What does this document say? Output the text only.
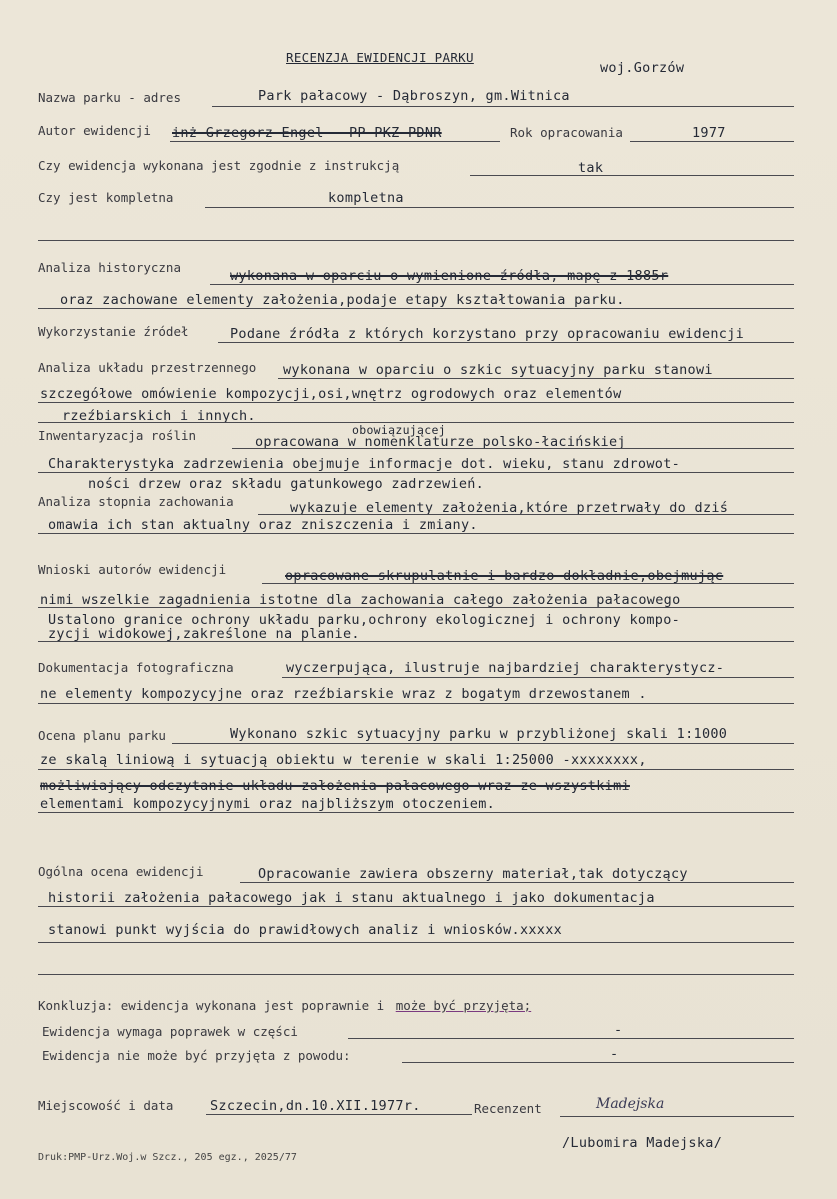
RECENZJA EWIDENCJI PARKU
woj.Gorzów
Nazwa parku - adres	Park pałacowy - Dąbroszyn, gm.Witnica
Autor ewidencji inż Grzegorz Engel - PP PKZ PDNR	Rok opracowania	1977
Czy ewidencja wykonana jest zgodnie z instrukcją	tak
Czy jest kompletna	kompletna
Analiza historyczna
wykonana w oparciu o wymienione źródła, mapę z 1885r
oraz zachowane elementy założenia,podaje etapy kształtowania parku.
Wykorzystanie źródeł	Podane źródła z których korzystano przy opracowaniu ewidencji
Analiza układu przestrzennego wykonana w oparciu o szkic sytuacyjny parku stanowi
szczegółowe omówienie kompozycji,osi,wnętrz ogrodowych oraz elementów
rzeźbiarskich i innych.
Inwentaryzacja roślin	obowiązującej
opracowana w nomenklaturze polsko-łacińskiej
Charakterystyka zadrzewienia obejmuje informacje dot. wieku, stanu zdrowot-
ności drzew oraz składu gatunkowego zadrzewień.
Analiza stopnia zachowania	wykazuje elementy założenia,które przetrwały do dziś
omawia ich stan aktualny oraz zniszczenia i zmiany.
Wnioski autorów ewidencji	opracowane skrupulatnie i bardzo dokładnie,obejmując
nimi wszelkie zagadnienia istotne dla zachowania całego założenia pałacowego
Ustalono granice ochrony układu parku,ochrony ekologicznej i ochrony kompo-
zycji widokowej,zakreślone na planie.
Dokumentacja fotograficzna	wyczerpująca, ilustruje najbardziej charakterystycz-
ne elementy kompozycyjne oraz rzeźbiarskie wraz z bogatym drzewostanem .
Ocena planu parku	Wykonano szkic sytuacyjny parku w przybliżonej skali 1:1000
ze skalą liniową i sytuacją obiektu w terenie w skali 1:25000 -xxxxxxxx,
możliwiający odczytanie układu założenia pałacowego wraz ze wszystkimi
elementami kompozycyjnymi oraz najbliższym otoczeniem.
Ogólna ocena ewidencji	Opracowanie zawiera obszerny materiał,tak dotyczący
historii założenia pałacowego jak i stanu aktualnego i jako dokumentacja
stanowi punkt wyjścia do prawidłowych analiz i wniosków.xxxxx
Konkluzja: ewidencja wykonana jest poprawnie i może być przyjęta;
Ewidencja wymaga poprawek w części	-
Ewidencja nie może być przyjęta z powodu:	-
Miejscowość i data	Szczecin,dn.10.XII.1977r.	Recenzent	Madejska
/Lubomira Madejska/
Druk:PMP-Urz.Woj.w Szcz., 205 egz., 2025/77
